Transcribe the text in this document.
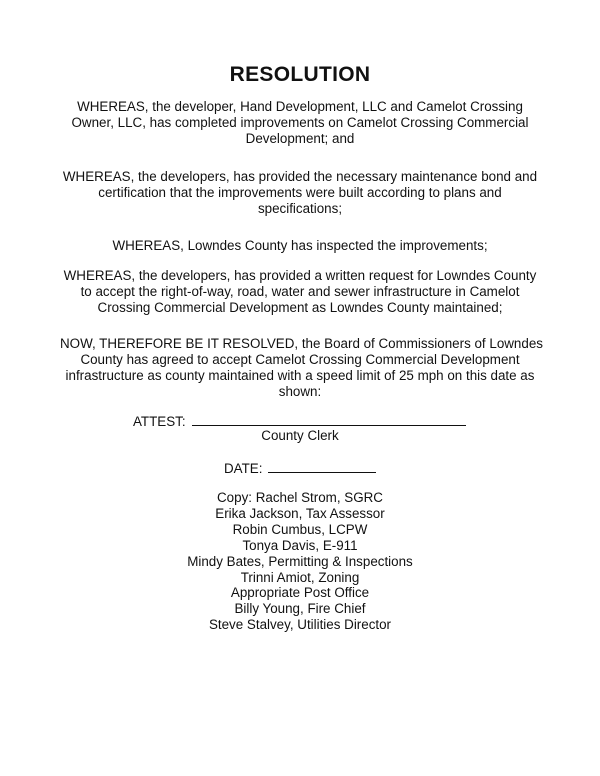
RESOLUTION
WHEREAS, the developer, Hand Development, LLC and Camelot Crossing
Owner, LLC, has completed improvements on Camelot Crossing Commercial
Development; and
WHEREAS, the developers, has provided the necessary maintenance bond and
certification that the improvements were built according to plans and
specifications;
WHEREAS, Lowndes County has inspected the improvements;
WHEREAS, the developers, has provided a written request for Lowndes County
to accept the right-of-way, road, water and sewer infrastructure in Camelot
Crossing Commercial Development as Lowndes County maintained;
NOW, THEREFORE BE IT RESOLVED, the Board of Commissioners of Lowndes
County has agreed to accept Camelot Crossing Commercial Development
infrastructure as county maintained with a speed limit of 25 mph on this date as
shown:
ATTEST:
County Clerk
DATE:
Copy: Rachel Strom, SGRC
Erika Jackson, Tax Assessor
Robin Cumbus, LCPW
Tonya Davis, E-911
Mindy Bates, Permitting & Inspections
Trinni Amiot, Zoning
Appropriate Post Office
Billy Young, Fire Chief
Steve Stalvey, Utilities Director
